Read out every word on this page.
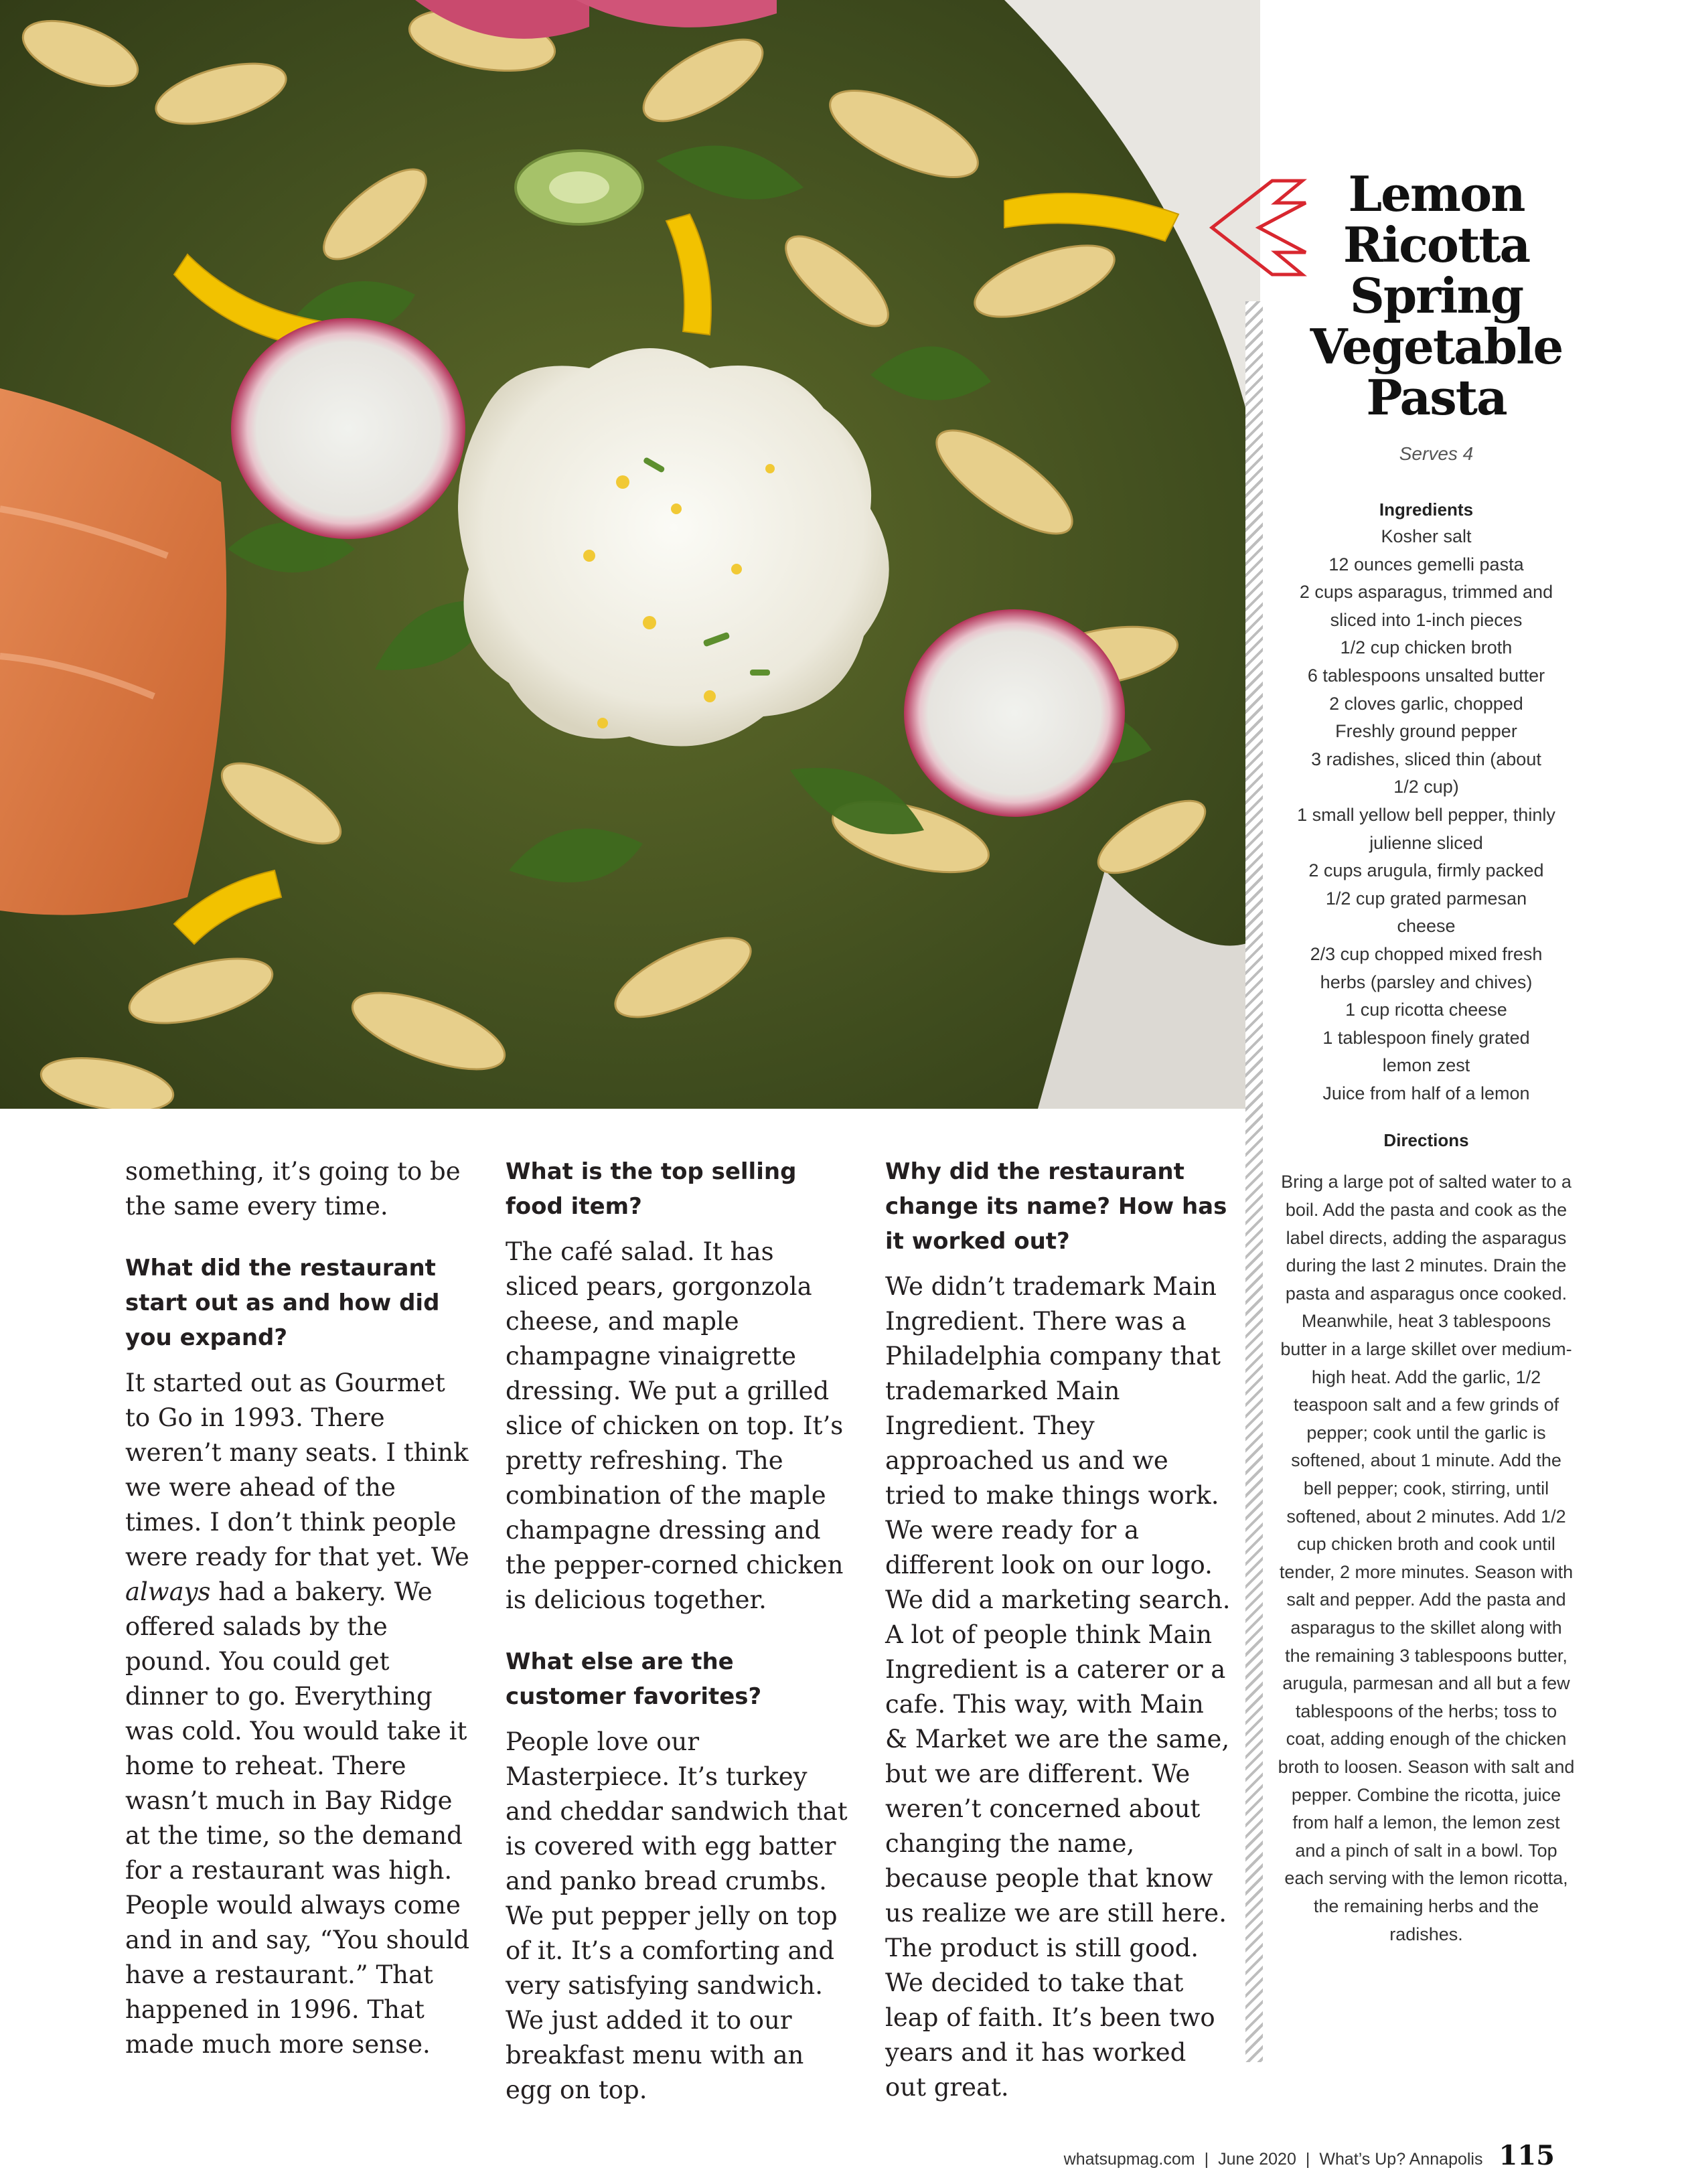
Lemon
Ricotta
Spring
Vegetable
Pasta
Serves 4
Ingredients
Kosher salt
12 ounces gemelli pasta
2 cups asparagus, trimmed and
sliced into 1-inch pieces
1/2 cup chicken broth
6 tablespoons unsalted butter
2 cloves garlic, chopped
Freshly ground pepper
3 radishes, sliced thin (about
1/2 cup)
1 small yellow bell pepper, thinly
julienne sliced
2 cups arugula, firmly packed
1/2 cup grated parmesan
cheese
2/3 cup chopped mixed fresh
herbs (parsley and chives)
1 cup ricotta cheese
1 tablespoon finely grated
lemon zest
Juice from half of a lemon
Directions
Bring a large pot of salted water to a boil. Add the pasta and cook as the label directs, adding the asparagus during the last 2 minutes. Drain the pasta and asparagus once cooked. Meanwhile, heat 3 tablespoons butter in a large skillet over medium-high heat. Add the garlic, 1/2 teaspoon salt and a few grinds of pepper; cook until the garlic is softened, about 1 minute. Add the bell pepper; cook, stirring, until softened, about 2 minutes. Add 1/2 cup chicken broth and cook until tender, 2 more minutes. Season with salt and pepper. Add the pasta and asparagus to the skillet along with the remaining 3 tablespoons butter, arugula, parmesan and all but a few tablespoons of the herbs; toss to coat, adding enough of the chicken broth to loosen. Season with salt and pepper. Combine the ricotta, juice from half a lemon, the lemon zest and a pinch of salt in a bowl. Top each serving with the lemon ricotta, the remaining herbs and the radishes.

something, it’s going to be the same every time.

What did the restaurant start out as and how did you expand?

It started out as Gourmet to Go in 1993. There weren’t many seats. I think we were ahead of the times. I don’t think people were ready for that yet. We always had a bakery. We offered salads by the pound. You could get dinner to go. Everything was cold. You would take it home to reheat. There wasn’t much in Bay Ridge at the time, so the demand for a restaurant was high. People would always come and in and say, “You should have a restaurant.” That happened in 1996. That made much more sense.

What is the top selling food item?

The café salad. It has sliced pears, gorgonzola cheese, and maple champagne vinaigrette dressing. We put a grilled slice of chicken on top. It’s pretty refreshing. The combination of the maple champagne dressing and the pepper-corned chicken is delicious together.

What else are the customer favorites?

People love our Masterpiece. It’s turkey and cheddar sandwich that is covered with egg batter and panko bread crumbs. We put pepper jelly on top of it. It’s a comforting and very satisfying sandwich. We just added it to our breakfast menu with an egg on top.

Why did the restaurant change its name? How has it worked out?

We didn’t trademark Main Ingredient. There was a Philadelphia company that trademarked Main Ingredient. They approached us and we tried to make things work. We were ready for a different look on our logo. We did a marketing search. A lot of people think Main Ingredient is a caterer or a cafe. This way, with Main & Market we are the same, but we are different. We weren’t concerned about changing the name, because people that know us realize we are still here. The product is still good. We decided to take that leap of faith. It’s been two years and it has worked out great.

whatsupmag.com | June 2020 | What’s Up? Annapolis 115
